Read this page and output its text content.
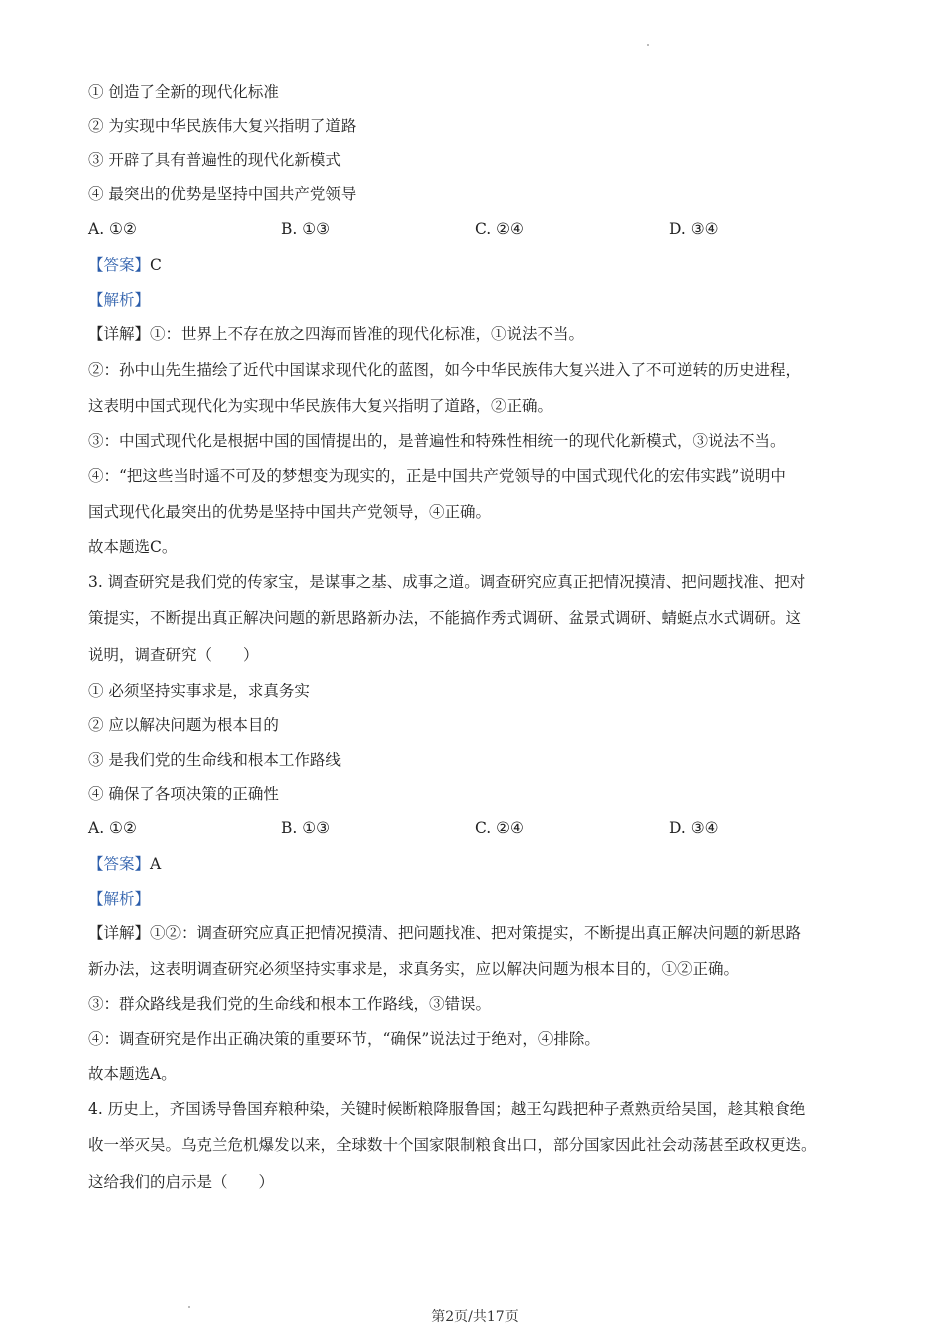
① 创造了全新的现代化标准
② 为实现中华民族伟大复兴指明了道路
③ 开辟了具有普遍性的现代化新模式
④ 最突出的优势是坚持中国共产党领导
A. ①②	B. ①③	C. ②④	D. ③④
【答案】C
【解析】
【详解】①：世界上不存在放之四海而皆准的现代化标准，①说法不当。
②：孙中山先生描绘了近代中国谋求现代化的蓝图，如今中华民族伟大复兴进入了不可逆转的历史进程，
这表明中国式现代化为实现中华民族伟大复兴指明了道路，②正确。
③：中国式现代化是根据中国的国情提出的，是普遍性和特殊性相统一的现代化新模式，③说法不当。
④：“把这些当时遥不可及的梦想变为现实的，正是中国共产党领导的中国式现代化的宏伟实践”说明中
国式现代化最突出的优势是坚持中国共产党领导，④正确。
故本题选C。
3. 调查研究是我们党的传家宝，是谋事之基、成事之道。调查研究应真正把情况摸清、把问题找准、把对
策提实，不断提出真正解决问题的新思路新办法，不能搞作秀式调研、盆景式调研、蜻蜓点水式调研。这
说明，调查研究（　　）
① 必须坚持实事求是，求真务实
② 应以解决问题为根本目的
③ 是我们党的生命线和根本工作路线
④ 确保了各项决策的正确性
A. ①②	B. ①③	C. ②④	D. ③④
【答案】A
【解析】
【详解】①②：调查研究应真正把情况摸清、把问题找准、把对策提实，不断提出真正解决问题的新思路
新办法，这表明调查研究必须坚持实事求是，求真务实，应以解决问题为根本目的，①②正确。
③：群众路线是我们党的生命线和根本工作路线，③错误。
④：调查研究是作出正确决策的重要环节，“确保”说法过于绝对，④排除。
故本题选A。
4. 历史上，齐国诱导鲁国弃粮种染，关键时候断粮降服鲁国；越王勾践把种子煮熟贡给吴国，趁其粮食绝
收一举灭吴。乌克兰危机爆发以来，全球数十个国家限制粮食出口，部分国家因此社会动荡甚至政权更迭。
这给我们的启示是（　　）
第2页/共17页
